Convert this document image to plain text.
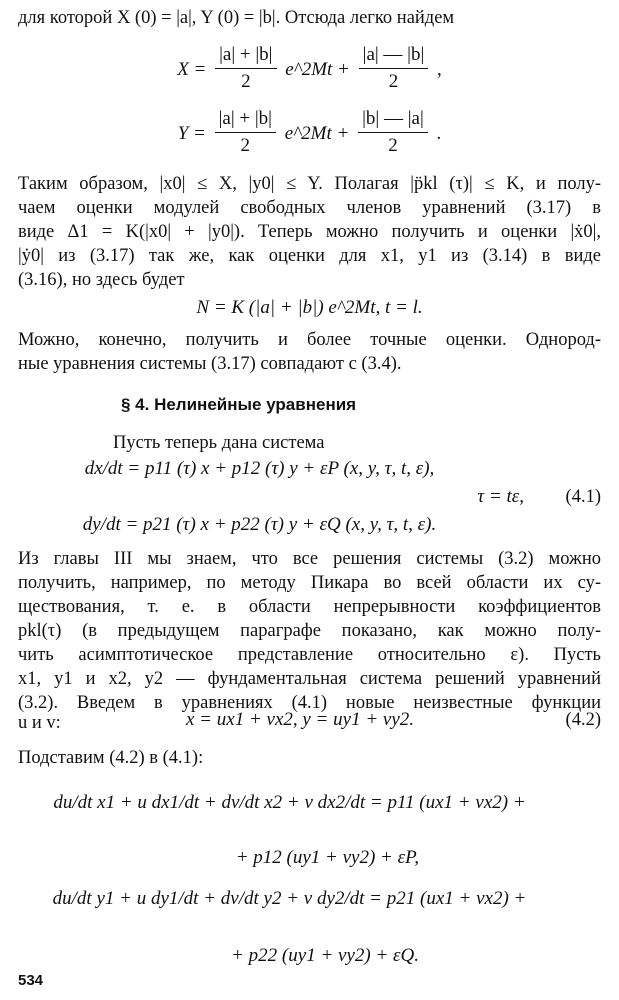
для которой X (0) = |a|, Y (0) = |b|. Отсюда легко найдем
$X = \frac{|a| + |b|}{2}$ e^2Mt + $\frac{|a| — |b|}{2}$ ,
$Y = \frac{|a| + |b|}{2}$ e^2Mt + $\frac{|b| — |a|}{2}$ .
Таким образом, |x0| ≤ X, |y0| ≤ Y. Полагая |p̈kl (τ)| ≤ K, и полу-
чаем оценки модулей свободных членов уравнений (3.17) в
виде Δ1 = K(|x0| + |y0|). Теперь можно получить и оценки |ẋ0|,
|ẏ0| из (3.17) так же, как оценки для x1, y1 из (3.14) в виде
(3.16), но здесь будет
N = K (|a| + |b|) e^2Mt, t = l.
Можно, конечно, получить и более точные оценки. Однород-
ные уравнения системы (3.17) совпадают с (3.4).
§ 4. Нелинейные уравнения
Пусть теперь дана система
dx/dt = p11 (τ) x + p12 (τ) y + εP (x, y, τ, t, ε),
τ = tε, (4.1)
dy/dt = p21 (τ) x + p22 (τ) y + εQ (x, y, τ, t, ε).
Из главы III мы знаем, что все решения системы (3.2) можно
получить, например, по методу Пикара во всей области их су-
ществования, т. е. в области непрерывности коэффициентов
pkl(τ) (в предыдущем параграфе показано, как можно полу-
чить асимптотическое представление относительно ε). Пусть
x1, y1 и x2, y2 — фундаментальная система решений уравнений
(3.2). Введем в уравнениях (4.1) новые неизвестные функции
u и v:	x = ux1 + vx2, y = uy1 + vy2.	(4.2)
Подставим (4.2) в (4.1):
du/dt x1 + u dx1/dt + dv/dt x2 + v dx2/dt = p11 (ux1 + vx2) +
+ p12 (uy1 + vy2) + εP,
du/dt y1 + u dy1/dt + dv/dt y2 + v dy2/dt = p21 (ux1 + vx2) +
+ p22 (uy1 + vy2) + εQ.
534
